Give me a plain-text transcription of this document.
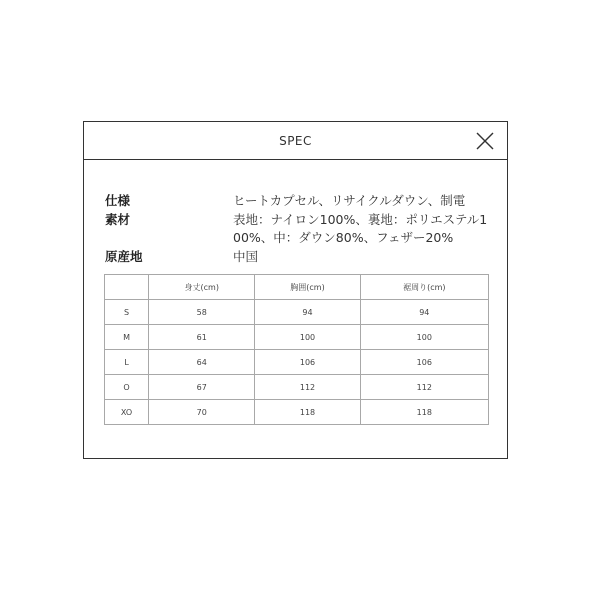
SPEC
仕様	ヒートカプセル、リサイクルダウン、制電
素材	表地：ナイロン100%、裏地：ポリエステル100%、中：ダウン80%、フェザー20%
原産地	中国
	身丈(cm)	胸囲(cm)	裾周り(cm)
S	58	94	94
M	61	100	100
L	64	106	106
O	67	112	112
XO	70	118	118
